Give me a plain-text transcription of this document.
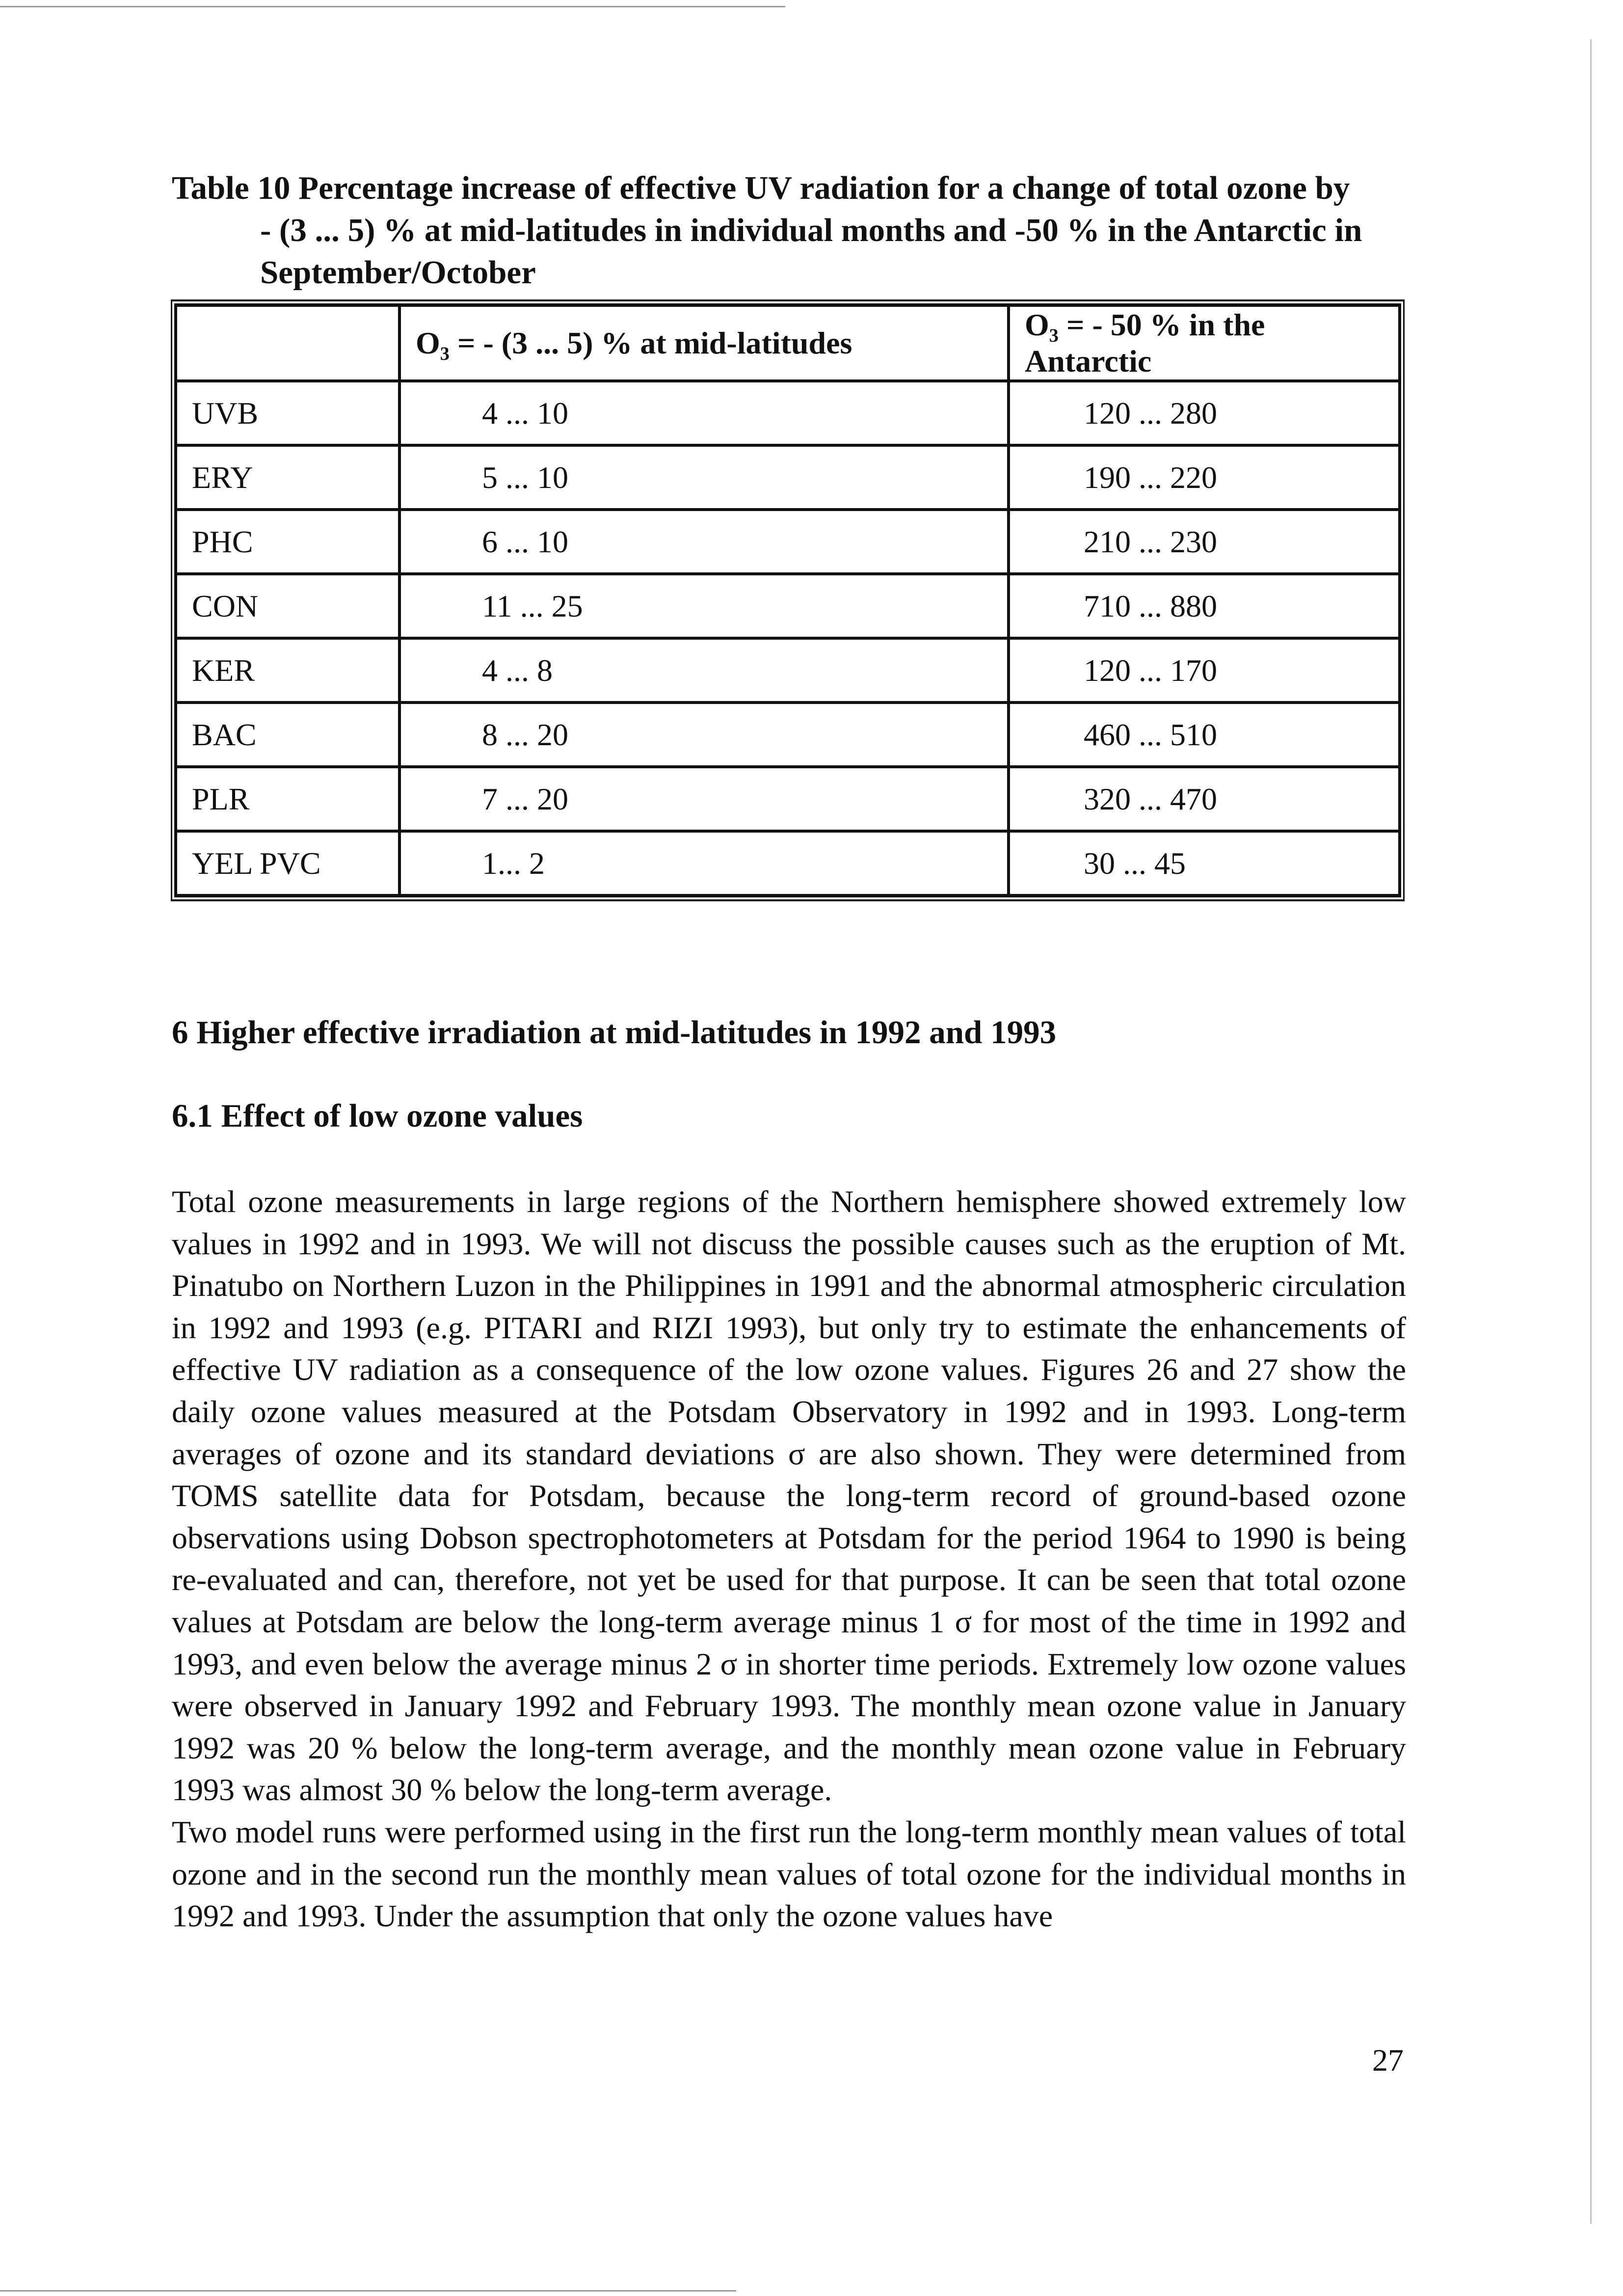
Table 10 Percentage increase of effective UV radiation for a change of total ozone by
- (3 ... 5) % at mid-latitudes in individual months and -50 % in the Antarctic in
September/October
	O₃ = - (3 ... 5) % at mid-latitudes	O₃ = - 50 % in the Antarctic
UVB	4 ... 10	120 ... 280
ERY	5 ... 10	190 ... 220
PHC	6 ... 10	210 ... 230
CON	11 ... 25	710 ... 880
KER	4 ... 8	120 ... 170
BAC	8 ... 20	460 ... 510
PLR	7 ... 20	320 ... 470
YEL PVC	1... 2	30 ... 45
6 Higher effective irradiation at mid-latitudes in 1992 and 1993
6.1 Effect of low ozone values

Total ozone measurements in large regions of the Northern hemisphere showed extremely low values in 1992 and in 1993. We will not discuss the possible causes such as the eruption of Mt. Pinatubo on Northern Luzon in the Philippines in 1991 and the abnormal atmospheric circulation in 1992 and 1993 (e.g. PITARI and RIZI 1993), but only try to estimate the enhancements of effective UV radiation as a consequence of the low ozone values. Figures 26 and 27 show the daily ozone values measured at the Potsdam Observatory in 1992 and in 1993. Long-term averages of ozone and its standard deviations σ are also shown. They were determined from TOMS satellite data for Potsdam, because the long-term record of ground-based ozone observations using Dobson spectrophotometers at Potsdam for the period 1964 to 1990 is being re-evaluated and can, therefore, not yet be used for that purpose. It can be seen that total ozone values at Potsdam are below the long-term average minus 1 σ for most of the time in 1992 and 1993, and even below the average minus 2 σ in shorter time periods. Extremely low ozone values were observed in January 1992 and February 1993. The monthly mean ozone value in January 1992 was 20 % below the long-term average, and the monthly mean ozone value in February 1993 was almost 30 % below the long-term average.

Two model runs were performed using in the first run the long-term monthly mean values of total ozone and in the second run the monthly mean values of total ozone for the individual months in 1992 and 1993. Under the assumption that only the ozone values have

27
